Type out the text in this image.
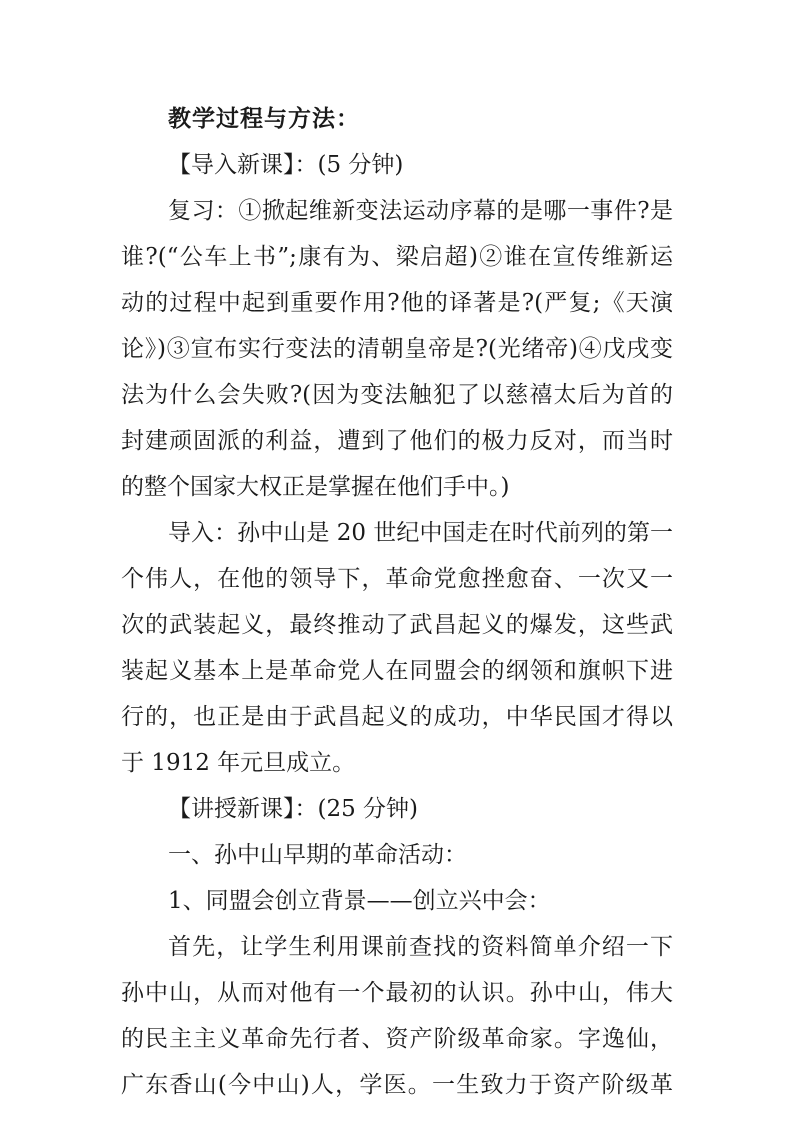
教学过程与方法：
【导入新课】：(5 分钟)
复习：①掀起维新变法运动序幕的是哪一事件?是
谁?(“公车上书”;康有为、梁启超)②谁在宣传维新运
动的过程中起到重要作用?他的译著是?(严复;《天演
论》)③宣布实行变法的清朝皇帝是?(光绪帝)④戊戌变
法为什么会失败?(因为变法触犯了以慈禧太后为首的
封建顽固派的利益，遭到了他们的极力反对，而当时
的整个国家大权正是掌握在他们手中。)
导入：孙中山是 20 世纪中国走在时代前列的第一
个伟人，在他的领导下，革命党愈挫愈奋、一次又一
次的武装起义，最终推动了武昌起义的爆发，这些武
装起义基本上是革命党人在同盟会的纲领和旗帜下进
行的，也正是由于武昌起义的成功，中华民国才得以
于 1912 年元旦成立。
【讲授新课】：(25 分钟)
一、孙中山早期的革命活动：
1、同盟会创立背景——创立兴中会：
首先，让学生利用课前查找的资料简单介绍一下
孙中山，从而对他有一个最初的认识。孙中山，伟大
的民主主义革命先行者、资产阶级革命家。字逸仙，
广东香山(今中山)人，学医。一生致力于资产阶级革
